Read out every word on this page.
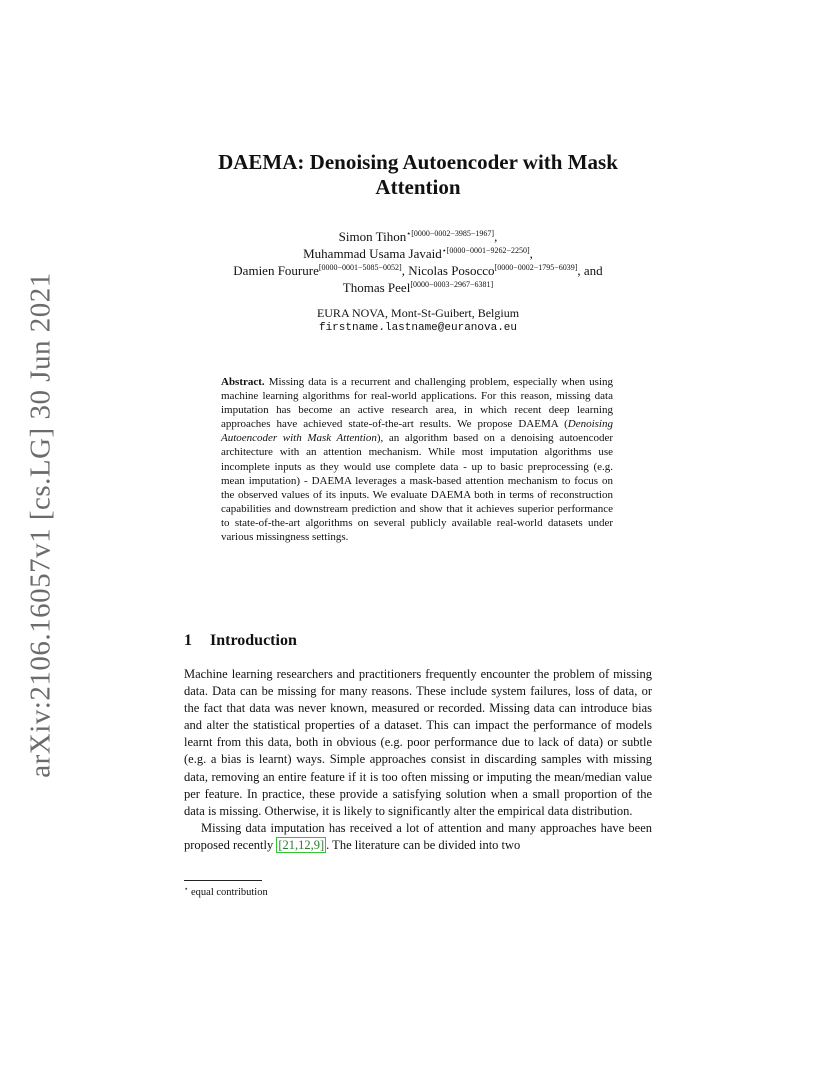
arXiv:2106.16057v1 [cs.LG] 30 Jun 2021
DAEMA: Denoising Autoencoder with Mask
Attention
Simon Tihon$^{⋆[0000-0002-3985-1967]}$,
Muhammad Usama Javaid$^{⋆[0000-0001-9262-2250]}$,
Damien Fourure[0000−0001−5085−0052], Nicolas Posocco[0000−0002−1795−6039], and
Thomas Peel[0000−0003−2967−6381]
EURA NOVA, Mont-St-Guibert, Belgium
firstname.lastname@euranova.eu
Abstract. Missing data is a recurrent and challenging problem, especially when using machine learning algorithms for real-world applications. For this reason, missing data imputation has become an active research area, in which recent deep learning approaches have achieved state-of-the-art results. We propose DAEMA (Denoising Autoencoder with Mask Attention), an algorithm based on a denoising autoencoder architecture with an attention mechanism. While most imputation algorithms use incomplete inputs as they would use complete data - up to basic preprocessing (e.g. mean imputation) - DAEMA leverages a mask-based attention mechanism to focus on the observed values of its inputs. We evaluate DAEMA both in terms of reconstruction capabilities and downstream prediction and show that it achieves superior performance to state-of-the-art algorithms on several publicly available real-world datasets under various missingness settings.
1 Introduction

Machine learning researchers and practitioners frequently encounter the problem of missing data. Data can be missing for many reasons. These include system failures, loss of data, or the fact that data was never known, measured or recorded. Missing data can introduce bias and alter the statistical properties of a dataset. This can impact the performance of models learnt from this data, both in obvious (e.g. poor performance due to lack of data) or subtle (e.g. a bias is learnt) ways. Simple approaches consist in discarding samples with missing data, removing an entire feature if it is too often missing or imputing the mean/median value per feature. In practice, these provide a satisfying solution when a small proportion of the data is missing. Otherwise, it is likely to significantly alter the empirical data distribution.

Missing data imputation has received a lot of attention and many approaches have been proposed recently [21,12,9] . The literature can be divided into two

⋆ equal contribution
